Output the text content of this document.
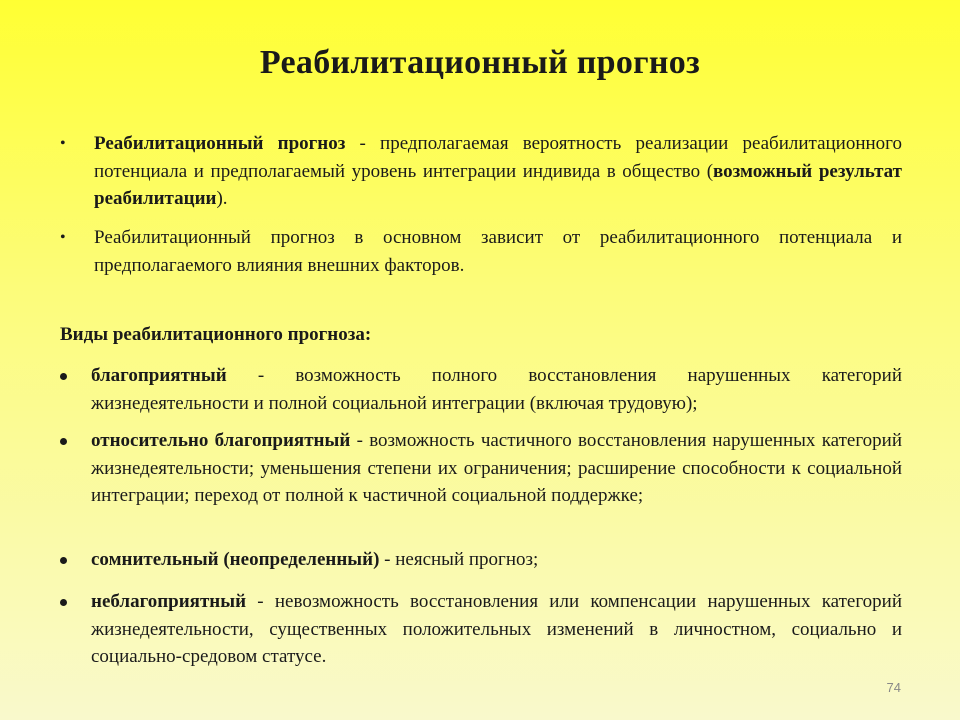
Реабилитационный прогноз
• Реабилитационный прогноз - предполагаемая вероятность реализации реабилитационного потенциала и предполагаемый уровень интеграции индивида в общество (возможный результат реабилитации).
• Реабилитационный прогноз в основном зависит от реабилитационного потенциала и предполагаемого влияния внешних факторов.
Виды реабилитационного прогноза:
благоприятный - возможность полного восстановления нарушенных категорий жизнедеятельности и полной социальной интеграции (включая трудовую);
относительно благоприятный - возможность частичного восстановления нарушенных категорий жизнедеятельности; уменьшения степени их ограничения; расширение способности к социальной интеграции; переход от полной к частичной социальной поддержке;
сомнительный (неопределенный) - неясный прогноз;
неблагоприятный - невозможность восстановления или компенсации нарушенных категорий жизнедеятельности, существенных положительных изменений в личностном, социально и социально-средовом статусе.
74
